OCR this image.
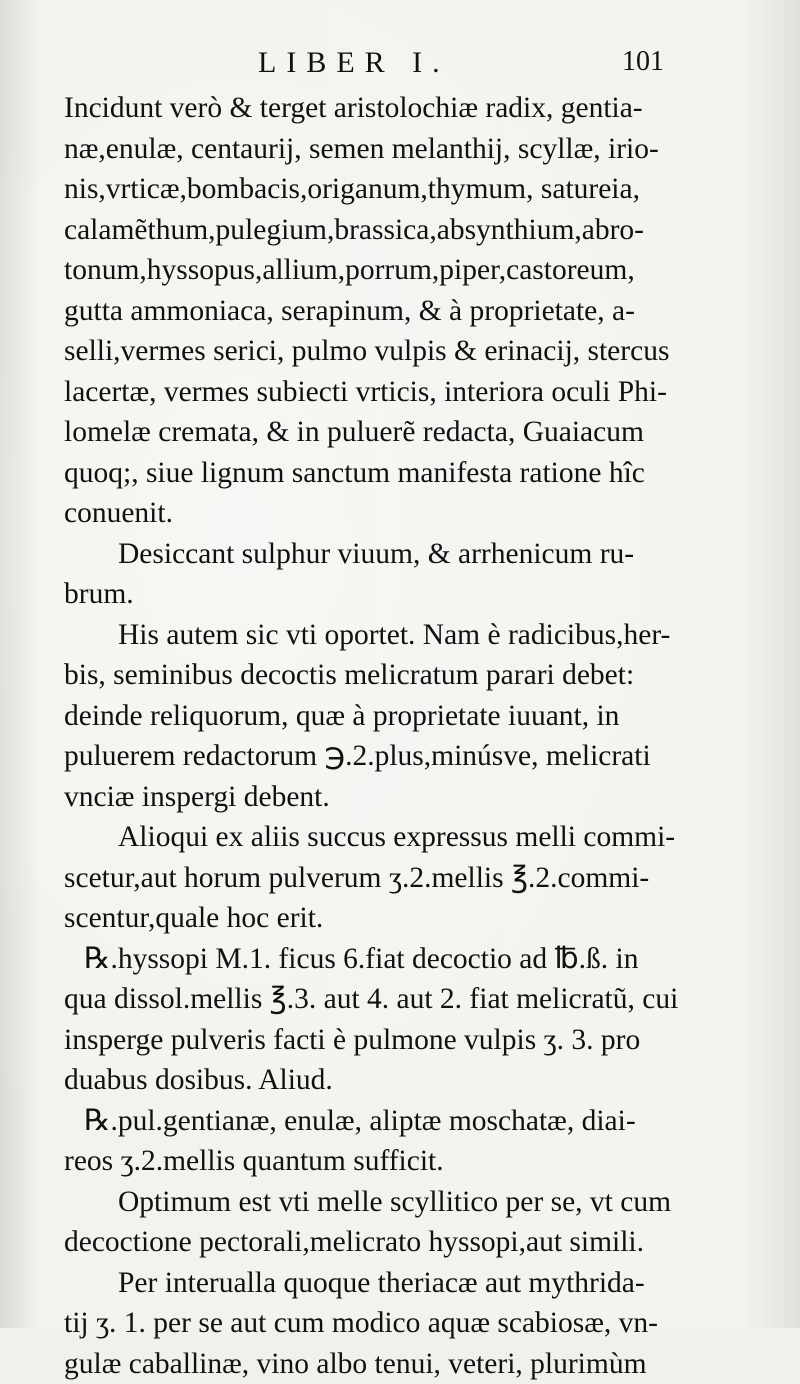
LIBER I.	101
Incidunt verò & terget aristolochiæ radix, gentia-
næ,enulæ, centaurij, semen melanthij, scyllæ, irio-
nis,vrticæ,bombacis,origanum,thymum, satureia,
calamẽthum,pulegium,brassica,absynthium,abro-
tonum,hyssopus,allium,porrum,piper,castoreum,
gutta ammoniaca, serapinum, & à proprietate, a-
selli,vermes serici, pulmo vulpis & erinacij, stercus
lacertæ, vermes subiecti vrticis, interiora oculi Phi-
lomelæ cremata, & in puluerẽ redacta, Guaiacum
quoq;, siue lignum sanctum manifesta ratione hîc
conuenit.
Desiccant sulphur viuum, & arrhenicum ru-
brum.
His autem sic vti oportet. Nam è radicibus,her-
bis, seminibus decoctis melicratum parari debet:
deinde reliquorum, quæ à proprietate iuuant, in
puluerem redactorum ℈.2.plus,minúsve, melicrati
vnciæ inspergi debent.
Alioqui ex aliis succus expressus melli commi-
scetur,aut horum pulverum ʒ.2.mellis ℥.2.commi-
scentur,quale hoc erit.
℞.hyssopi M.1. ficus 6.fiat decoctio ad ℔.ß. in
qua dissol.mellis ℥.3. aut 4. aut 2. fiat melicratũ, cui
insperge pulveris facti è pulmone vulpis ʒ. 3. pro
duabus dosibus. Aliud.
℞.pul.gentianæ, enulæ, aliptæ moschatæ, diai-
reos ʒ.2.mellis quantum sufficit.
Optimum est vti melle scyllitico per se, vt cum
decoctione pectorali,melicrato hyssopi,aut simili.
Per interualla quoque theriacæ aut mythrida-
tij ʒ. 1. per se aut cum modico aquæ scabiosæ, vn-
gulæ caballinæ, vino albo tenui, veteri, plurimùm
